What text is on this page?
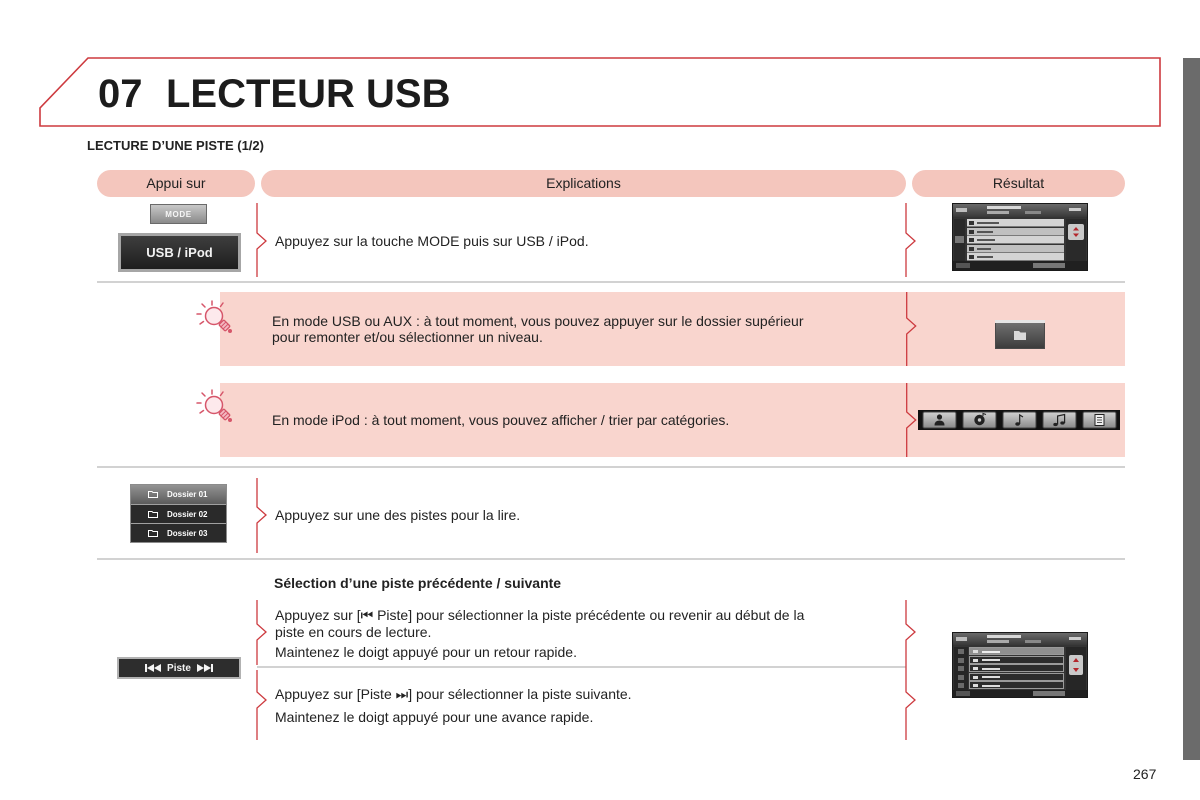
07 LECTEUR USB
LECTURE D’UNE PISTE (1/2)
Appui sur	Explications	Résultat
MODE
USB / iPod
Appuyez sur la touche MODE puis sur USB / iPod.
En mode USB ou AUX : à tout moment, vous pouvez appuyer sur le dossier supérieur
pour remonter et/ou sélectionner un niveau.
En mode iPod : à tout moment, vous pouvez afficher / trier par catégories.
Dossier 01
Dossier 02
Dossier 03
Appuyez sur une des pistes pour la lire.
Sélection d’une piste précédente / suivante
Appuyez sur [⏮ Piste] pour sélectionner la piste précédente ou revenir au début de la
piste en cours de lecture.
Maintenez le doigt appuyé pour un retour rapide.
Appuyez sur [Piste ⏭] pour sélectionner la piste suivante.
Maintenez le doigt appuyé pour une avance rapide.
Piste
267
